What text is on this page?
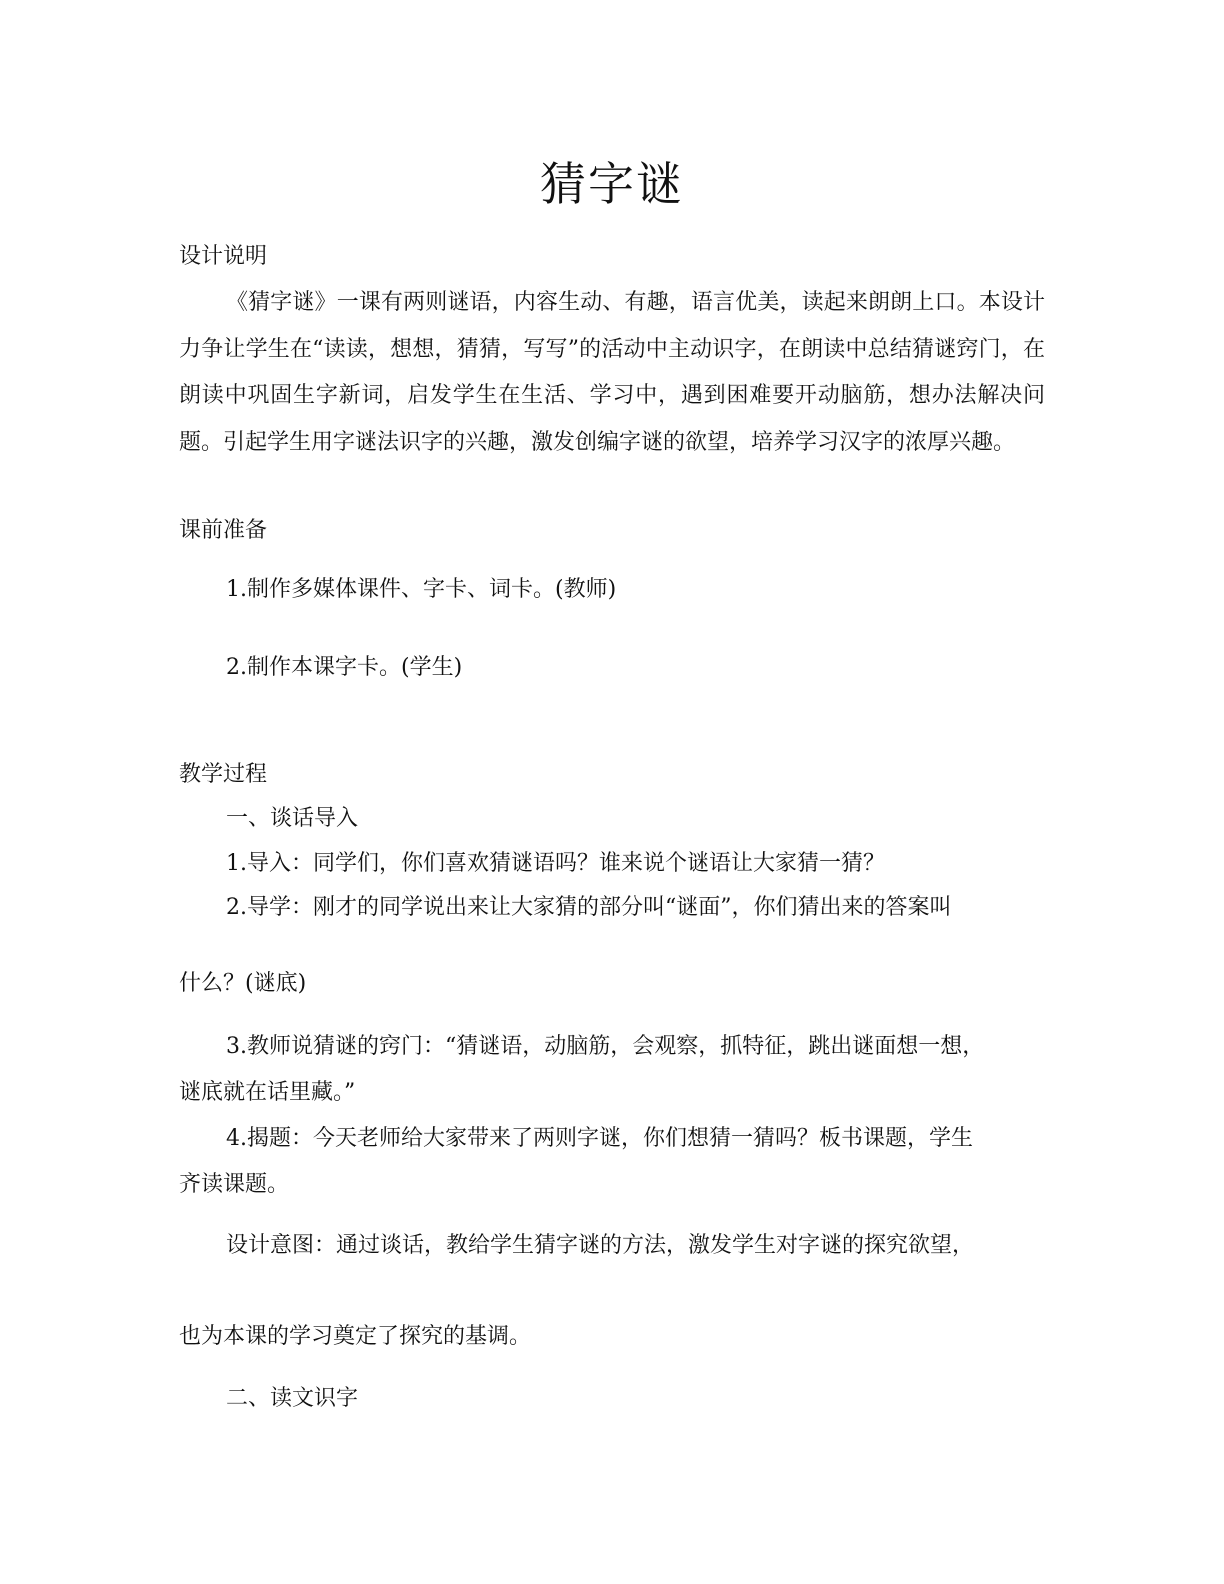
猜字谜
设计说明
《猜字谜》一课有两则谜语，内容生动、有趣，语言优美，读起来朗朗上口。本设计力争让学生在“读读，想想，猜猜，写写”的活动中主动识字，在朗读中总结猜谜窍门，在朗读中巩固生字新词，启发学生在生活、学习中，遇到困难要开动脑筋，想办法解决问题。引起学生用字谜法识字的兴趣，激发创编字谜的欲望，培养学习汉字的浓厚兴趣。
课前准备
1.制作多媒体课件、字卡、词卡。(教师)
2.制作本课字卡。(学生)
教学过程
一、谈话导入
1.导入：同学们，你们喜欢猜谜语吗？谁来说个谜语让大家猜一猜？
2.导学：刚才的同学说出来让大家猜的部分叫“谜面”，你们猜出来的答案叫
什么？(谜底)
3.教师说猜谜的窍门：“猜谜语，动脑筋，会观察，抓特征，跳出谜面想一想，
谜底就在话里藏。”
4.揭题：今天老师给大家带来了两则字谜，你们想猜一猜吗？板书课题，学生
齐读课题。
设计意图：通过谈话，教给学生猜字谜的方法，激发学生对字谜的探究欲望，
也为本课的学习奠定了探究的基调。
二、读文识字
